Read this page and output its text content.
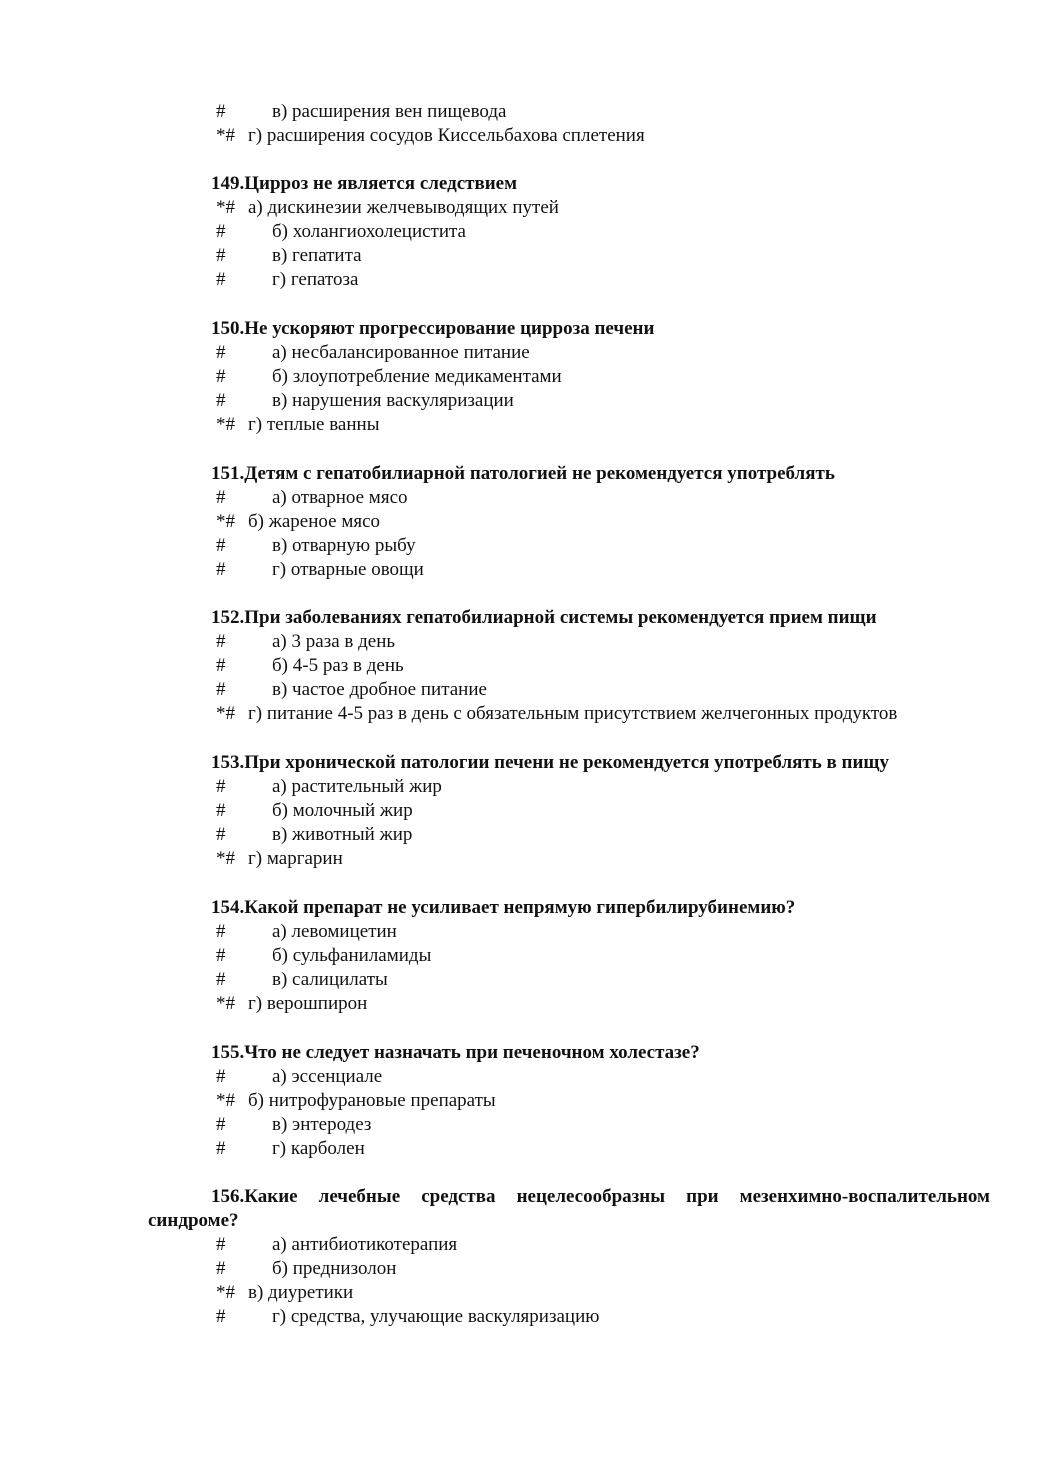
# в) расширения вен пищевода
*# г) расширения сосудов Киссельбахова сплетения
149.Цирроз не является следствием
*# а) дискинезии желчевыводящих путей
# б) холангиохолецистита
# в) гепатита
# г) гепатоза
150.Не ускоряют прогрессирование цирроза печени
# а) несбалансированное питание
# б) злоупотребление медикаментами
# в) нарушения васкуляризации
*# г) теплые ванны
151.Детям с гепатобилиарной патологией не рекомендуется употреблять
# а) отварное мясо
*# б) жареное мясо
# в) отварную рыбу
# г) отварные овощи
152.При заболеваниях гепатобилиарной системы рекомендуется прием пищи
# а) 3 раза в день
# б) 4-5 раз в день
# в) частое дробное питание
*# г) питание 4-5 раз в день с обязательным присутствием желчегонных продуктов
153.При хронической патологии печени не рекомендуется употреблять в пищу
# а) растительный жир
# б) молочный жир
# в) животный жир
*# г) маргарин
154.Какой препарат не усиливает непрямую гипербилирубинемию?
# а) левомицетин
# б) сульфаниламиды
# в) салицилаты
*# г) верошпирон
155.Что не следует назначать при печеночном холестазе?
# а) эссенциале
*# б) нитрофурановые препараты
# в) энтеродез
# г) карболен
156.Какие лечебные средства нецелесообразны при мезенхимно-воспалительном
синдроме?
# а) антибиотикотерапия
# б) преднизолон
*# в) диуретики
# г) средства, улучающие васкуляризацию
